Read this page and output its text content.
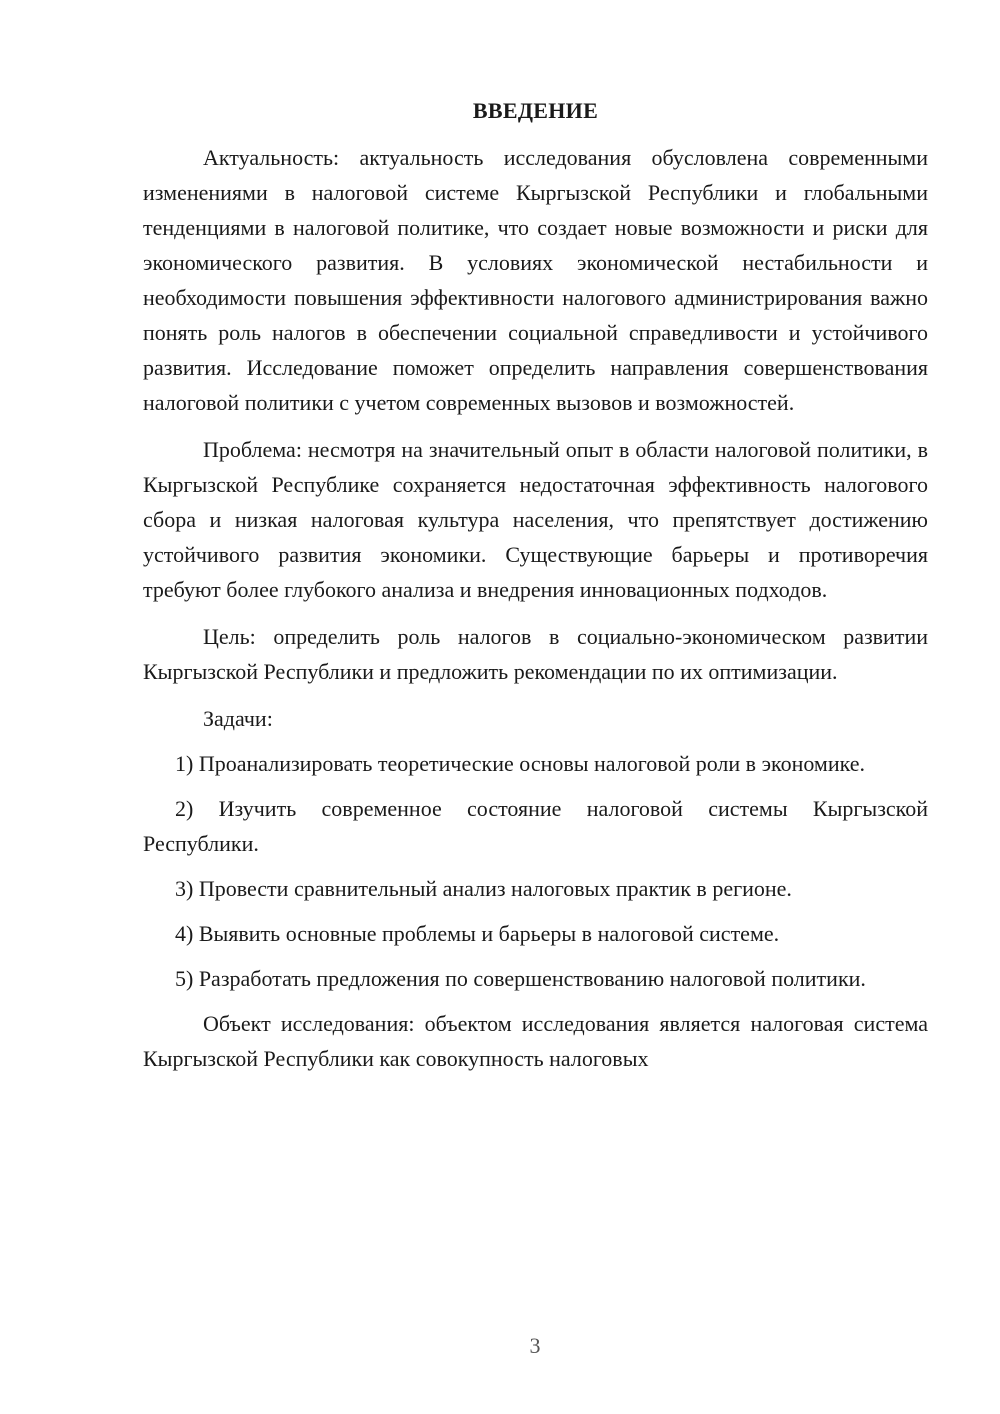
ВВЕДЕНИЕ

Актуальность: актуальность исследования обусловлена современными изменениями в налоговой системе Кыргызской Республики и глобальными тенденциями в налоговой политике, что создает новые возможности и риски для экономического развития. В условиях экономической нестабильности и необходимости повышения эффективности налогового администрирования важно понять роль налогов в обеспечении социальной справедливости и устойчивого развития. Исследование поможет определить направления совершенствования налоговой политики с учетом современных вызовов и возможностей.

Проблема: несмотря на значительный опыт в области налоговой политики, в Кыргызской Республике сохраняется недостаточная эффективность налогового сбора и низкая налоговая культура населения, что препятствует достижению устойчивого развития экономики. Существующие барьеры и противоречия требуют более глубокого анализа и внедрения инновационных подходов.

Цель: определить роль налогов в социально-экономическом развитии Кыргызской Республики и предложить рекомендации по их оптимизации.

Задачи:

1) Проанализировать теоретические основы налоговой роли в экономике.

2) Изучить современное состояние налоговой системы Кыргызской Республики.

3) Провести сравнительный анализ налоговых практик в регионе.

4) Выявить основные проблемы и барьеры в налоговой системе.

5) Разработать предложения по совершенствованию налоговой политики.

Объект исследования: объектом исследования является налоговая система Кыргызской Республики как совокупность налоговых

3
